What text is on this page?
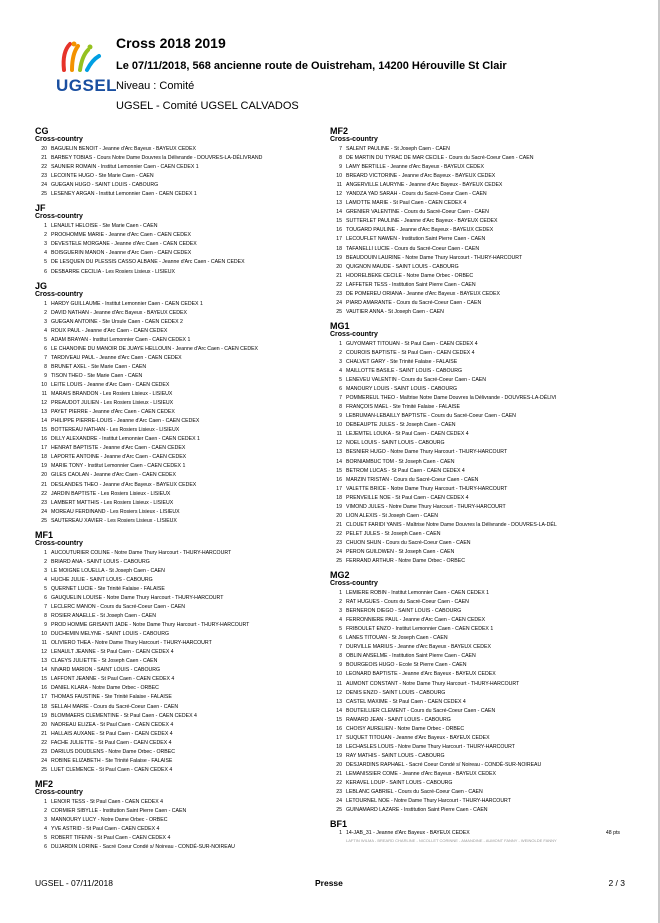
UGSEL
Cross 2018 2019
Le 07/11/2018, 568 ancienne route de Ouistreham, 14200 Hérouville St Clair
Niveau : Comité
UGSEL - Comité UGSEL CALVADOS
CG
Cross-country
20 BAGUELIN BENOIT - Jeanne d'Arc Bayeux - BAYEUX CEDEX
21 BARBEY TOBIAS - Cours Notre Dame Douvres la Délivrande - DOUVRES-LA-DÉLIVRAND
22 SAUNIER ROMAIN - Institut Lemonnier Caen - CAEN CEDEX 1
23 LECOINTE HUGO - Ste Marie Caen - CAEN
24 GUEGAN HUGO - SAINT LOUIS - CABOURG
25 LESENEY ARGAN - Institut Lemonnier Caen - CAEN CEDEX 1
JF
Cross-country
1 LENAULT HELOISE - Ste Marie Caen - CAEN
2 PROOHOMME MARIE - Jeanne d'Arc Caen - CAEN CEDEX
3 DEVESTELE MORGANE - Jeanne d'Arc Caen - CAEN CEDEX
4 BOISGUERIN MANON - Jeanne d'Arc Caen - CAEN CEDEX
5 DE LESQUEN DU PLESSIS CASSO ALBANE - Jeanne d'Arc Caen - CAEN CEDEX
6 DESBARRE CECILIA - Les Rosiers Lisieux - LISIEUX
JG
Cross-country
1 HARDY GUILLAUME - Institut Lemonnier Caen - CAEN CEDEX 1
2 DAVID NATHAN - Jeanne d'Arc Bayeux - BAYEUX CEDEX
3 GUEGAN ANTOINE - Ste Ursule Caen - CAEN CEDEX 2
4 ROUX PAUL - Jeanne d'Arc Caen - CAEN CEDEX
5 ADAM BRAYAN - Institut Lemonnier Caen - CAEN CEDEX 1
6 LE CHANOINE DU MANOIR DE JUAYE HELLOUIN - Jeanne d'Arc Caen - CAEN CEDEX
7 TARDIVEAU PAUL - Jeanne d'Arc Caen - CAEN CEDEX
8 BRUNET AXEL - Ste Marie Caen - CAEN
9 TISON THEO - Ste Marie Caen - CAEN
10 LEITE LOUIS - Jeanne d'Arc Caen - CAEN CEDEX
11 MARAIS BRANDON - Les Rosiers Lisieux - LISIEUX
12 PREAUDOT JULIEN - Les Rosiers Lisieux - LISIEUX
13 PAYET PIERRE - Jeanne d'Arc Caen - CAEN CEDEX
14 PHILIPPE PIERRE-LOUIS - Jeanne d'Arc Caen - CAEN CEDEX
15 BOTTEREAU NATHAN - Les Rosiers Lisieux - LISIEUX
16 DILLY ALEXANDRE - Institut Lemonnier Caen - CAEN CEDEX 1
17 HENRAT BAPTISTE - Jeanne d'Arc Caen - CAEN CEDEX
18 LAPORTE ANTOINE - Jeanne d'Arc Caen - CAEN CEDEX
19 MARIE TONY - Institut Lemonnier Caen - CAEN CEDEX 1
20 GILES CAOLAN - Jeanne d'Arc Caen - CAEN CEDEX
21 DESLANDES THEO - Jeanne d'Arc Bayeux - BAYEUX CEDEX
22 JARDIN BAPTISTE - Les Rosiers Lisieux - LISIEUX
23 LAMBERT MATTHIS - Les Rosiers Lisieux - LISIEUX
24 MOREAU FERDINAND - Les Rosiers Lisieux - LISIEUX
25 SAUTEREAU XAVIER - Les Rosiers Lisieux - LISIEUX
MF1
Cross-country
1 AUCOUTURIER COLINE - Notre Dame Thury Harcourt - THURY-HARCOURT
2 BRIARD ANA - SAINT LOUIS - CABOURG
3 LE MOIGNE LOUELLA - St Joseph Caen - CAEN
4 HUCHE JULIE - SAINT LOUIS - CABOURG
5 QUERNET LUCIE - Ste Trinité Falaise - FALAISE
6 GAUQUELIN LOUISE - Notre Dame Thury Harcourt - THURY-HARCOURT
7 LECLERC MANON - Cours du Sacré-Coeur Caen - CAEN
8 ROSIER ANAELLE - St Joseph Caen - CAEN
9 PROD HOMME GRISANTI JADE - Notre Dame Thury Harcourt - THURY-HARCOURT
10 DUCHEMIN MELYNE - SAINT LOUIS - CABOURG
11 OLIVIERO THEA - Notre Dame Thury Harcourt - THURY-HARCOURT
12 LENAULT JEANNE - St Paul Caen - CAEN CEDEX 4
13 CLAEYS JULIETTE - St Joseph Caen - CAEN
14 NIVARD MARION - SAINT LOUIS - CABOURG
15 LAFFONT JEANNE - St Paul Caen - CAEN CEDEX 4
16 DANIEL KLARA - Notre Dame Orbec - ORBEC
17 THOMAS FAUSTINE - Ste Trinité Falaise - FALAISE
18 SELLAH MARIE - Cours du Sacré-Coeur Caen - CAEN
19 BLOMMAERS CLEMENTINE - St Paul Caen - CAEN CEDEX 4
20 NADREAU ELIZEA - St Paul Caen - CAEN CEDEX 4
21 HALLAIS AUXANE - St Paul Caen - CAEN CEDEX 4
22 FACHE JULIETTE - St Paul Caen - CAEN CEDEX 4
23 DARILUS DOUDLENS - Notre Dame Orbec - ORBEC
24 ROBINE ELIZABETH - Ste Trinité Falaise - FALAISE
25 LUET CLEMENCE - St Paul Caen - CAEN CEDEX 4
MF2
Cross-country
1 LENOIR TESS - St Paul Caen - CAEN CEDEX 4
2 CORMIER SIBYLLE - Institution Saint Pierre Caen - CAEN
3 MANNOURY LUCY - Notre Dame Orbec - ORBEC
4 YVE ASTRID - St Paul Caen - CAEN CEDEX 4
5 ROBERT TIFENN - St Paul Caen - CAEN CEDEX 4
6 DUJARDIN LORINE - Sacré Coeur Condé s/ Noireau - CONDÉ-SUR-NOIREAU
MF2
Cross-country
7 SALENT PAULINE - St Joseph Caen - CAEN
8 DE MARTIN DU TYRAC DE MAR CECILE - Cours du Sacré-Coeur Caen - CAEN
9 LAMY BERTILLE - Jeanne d'Arc Bayeux - BAYEUX CEDEX
10 BREARD VICTORINE - Jeanne d'Arc Bayeux - BAYEUX CEDEX
11 ANGERVILLE LAURYNE - Jeanne d'Arc Bayeux - BAYEUX CEDEX
12 YANDZA YAD SARAH - Cours du Sacré-Coeur Caen - CAEN
13 LAMOTTE MARIE - St Paul Caen - CAEN CEDEX 4
14 GRENIER VALENTINE - Cours du Sacré-Coeur Caen - CAEN
15 SUTTERLET PAULINE - Jeanne d'Arc Bayeux - BAYEUX CEDEX
16 TOUGARD PAULINE - Jeanne d'Arc Bayeux - BAYEUX CEDEX
17 LECOUFLET NAWEN - Institution Saint Pierre Caen - CAEN
18 TAFANELLI LUCIE - Cours du Sacré-Coeur Caen - CAEN
19 BEAUDOUIN LAURINE - Notre Dame Thury Harcourt - THURY-HARCOURT
20 QUIGNON MAUDE - SAINT LOUIS - CABOURG
21 HOORELBEKE CECILE - Notre Dame Orbec - ORBEC
22 LAFFETER TESS - Institution Saint Pierre Caen - CAEN
23 DE POMEREU ORIANA - Jeanne d'Arc Bayeux - BAYEUX CEDEX
24 PIARD AMARANTE - Cours du Sacré-Coeur Caen - CAEN
25 VAUTIER ANNA - St Joseph Caen - CAEN
MG1
Cross-country
1 GUYOMART TITOUAN - St Paul Caen - CAEN CEDEX 4
2 COUROIS BAPTISTE - St Paul Caen - CAEN CEDEX 4
3 CHALVET GARY - Ste Trinité Falaise - FALAISE
4 MAILLOTTE BASILE - SAINT LOUIS - CABOURG
5 LENEVEU VALENTIN - Cours du Sacré-Coeur Caen - CAEN
6 MANOURY LOUIS - SAINT LOUIS - CABOURG
7 POMMEREUL THEO - Maîtrise Notre Dame Douvres la Délivrande - DOUVRES-LA-DÉLIVI
8 FRANÇOIS MAEL - Ste Trinité Falaise - FALAISE
9 LEBRUMAN-LEBAILLY BAPTISTE - Cours du Sacré-Coeur Caen - CAEN
10 DEBEAUPTE JULES - St Joseph Caen - CAEN
11 LEJEMTEL LOUKA - St Paul Caen - CAEN CEDEX 4
12 NOEL LOUIS - SAINT LOUIS - CABOURG
13 BESNIER HUGO - Notre Dame Thury Harcourt - THURY-HARCOURT
14 BORNIAMBUC TOM - St Joseph Caen - CAEN
15 BETROM LUCAS - St Paul Caen - CAEN CEDEX 4
16 MARZIN TRISTAN - Cours du Sacré-Coeur Caen - CAEN
17 VALETTE BRICE - Notre Dame Thury Harcourt - THURY-HARCOURT
18 PRENVEILLE NOE - St Paul Caen - CAEN CEDEX 4
19 VIMOND JULES - Notre Dame Thury Harcourt - THURY-HARCOURT
20 LION ALEXIS - St Joseph Caen - CAEN
21 CLOUET FARIDI YANIS - Maîtrise Notre Dame Douvres la Délivrande - DOUVRES-LA-DÉL
22 PELET JULES - St Joseph Caen - CAEN
23 CHUON SHUN - Cours du Sacré-Coeur Caen - CAEN
24 PERON GUILDWEN - St Joseph Caen - CAEN
25 FERRAND ARTHUR - Notre Dame Orbec - ORBEC
MG2
Cross-country
1 LEMIERE ROBIN - Institut Lemonnier Caen - CAEN CEDEX 1
2 RAT HUGUES - Cours du Sacré-Coeur Caen - CAEN
3 BERNERON DIEGO - SAINT LOUIS - CABOURG
4 FERRONNIERE PAUL - Jeanne d'Arc Caen - CAEN CEDEX
5 FRIBOULET ENZO - Institut Lemonnier Caen - CAEN CEDEX 1
6 LANES TITOUAN - St Joseph Caen - CAEN
7 DURVILLE MARIUS - Jeanne d'Arc Bayeux - BAYEUX CEDEX
8 OBLIN ANSELME - Institution Saint Pierre Caen - CAEN
9 BOURGEOIS HUGO - Ecole St Pierre Caen - CAEN
10 LEONARD BAPTISTE - Jeanne d'Arc Bayeux - BAYEUX CEDEX
11 AUMONT CONSTANT - Notre Dame Thury Harcourt - THURY-HARCOURT
12 DENIS ENZO - SAINT LOUIS - CABOURG
13 CASTEL MAXIME - St Paul Caen - CAEN CEDEX 4
14 BOUTEILLIER CLEMENT - Cours du Sacré-Coeur Caen - CAEN
15 RAMARD JEAN - SAINT LOUIS - CABOURG
16 CHOISY AURELIEN - Notre Dame Orbec - ORBEC
17 SUQUET TITOUAN - Jeanne d'Arc Bayeux - BAYEUX CEDEX
18 LECHASLES LOUIS - Notre Dame Thury Harcourt - THURY-HARCOURT
19 RAY MATHIS - SAINT LOUIS - CABOURG
20 DESJARDINS RAPHAEL - Sacré Coeur Condé s/ Noireau - CONDÉ-SUR-NOIREAU
21 LEMANISSIER COME - Jeanne d'Arc Bayeux - BAYEUX CEDEX
22 KERAVEL LOUP - SAINT LOUIS - CABOURG
23 LEBLANC GABRIEL - Cours du Sacré-Coeur Caen - CAEN
24 LETOURNEL NOE - Notre Dame Thury Harcourt - THURY-HARCOURT
25 GUINAMARD LAZARE - Institution Saint Pierre Caen - CAEN
BF1
1 14-JAB_31 - Jeanne d'Arc Bayeux - BAYEUX CEDEX	48 pts
LAFTIN WILMA - BREARD CHARLINE - NICOLLET CORINNE - AMANDINE - AUMONT FANNY - WEINOLDE FANNY
UGSEL - 07/11/2018	Presse	2 / 3
